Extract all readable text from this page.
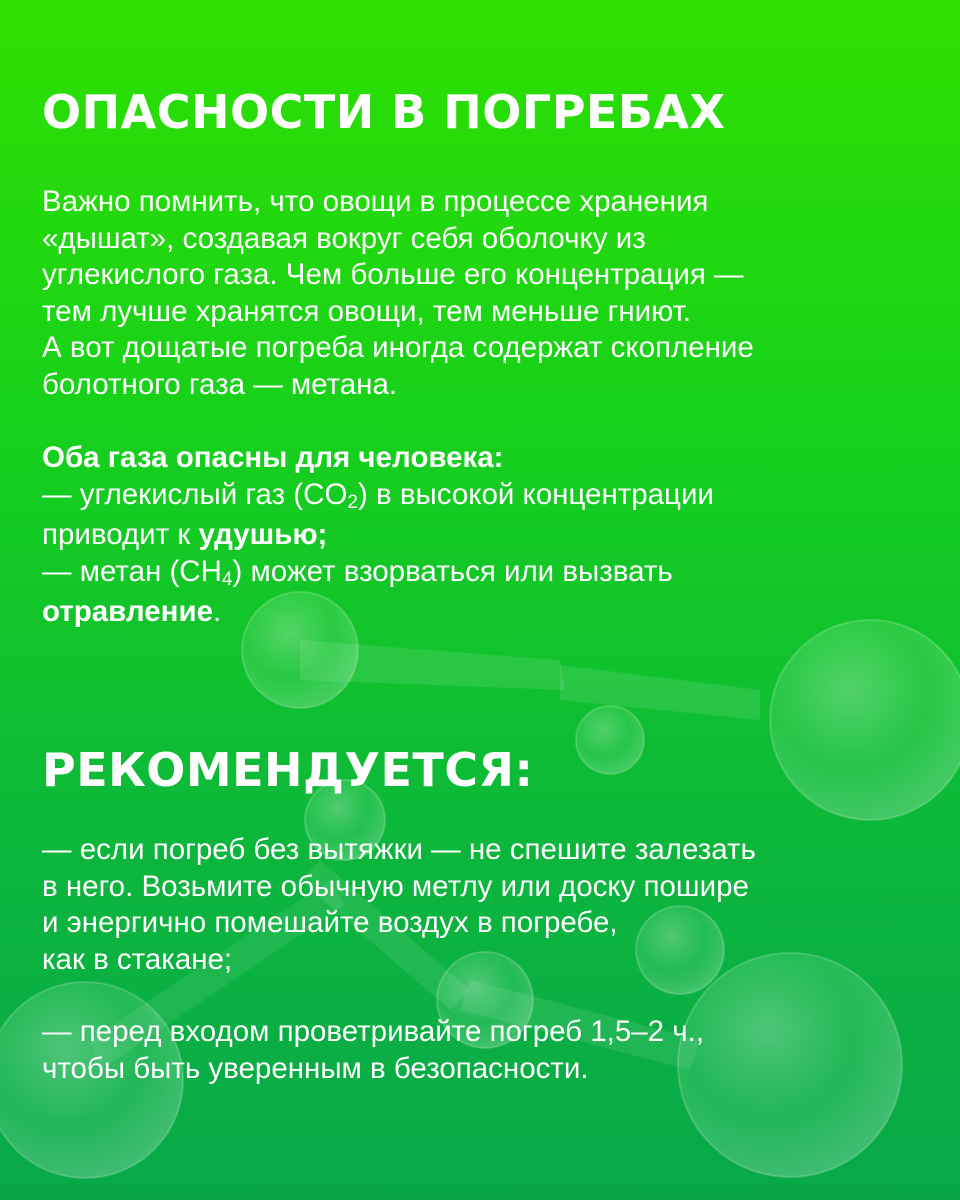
ОПАСНОСТИ В ПОГРЕБАХ

Важно помнить, что овощи в процессе хранения
«дышат», создавая вокруг себя оболочку из
углекислого газа. Чем больше его концентрация —
тем лучше хранятся овощи, тем меньше гниют.
А вот дощатые погреба иногда содержат скопление
болотного газа — метана.

Оба газа опасны для человека:
— углекислый газ (CO2) в высокой концентрации
приводит к удушью;
— метан (CH4) может взорваться или вызвать
отравление.

РЕКОМЕНДУЕТСЯ:

— если погреб без вытяжки — не спешите залезать
в него. Возьмите обычную метлу или доску пошире
и энергично помешайте воздух в погребе,
как в стакане;

— перед входом проветривайте погреб 1,5–2 ч.,
чтобы быть уверенным в безопасности.
